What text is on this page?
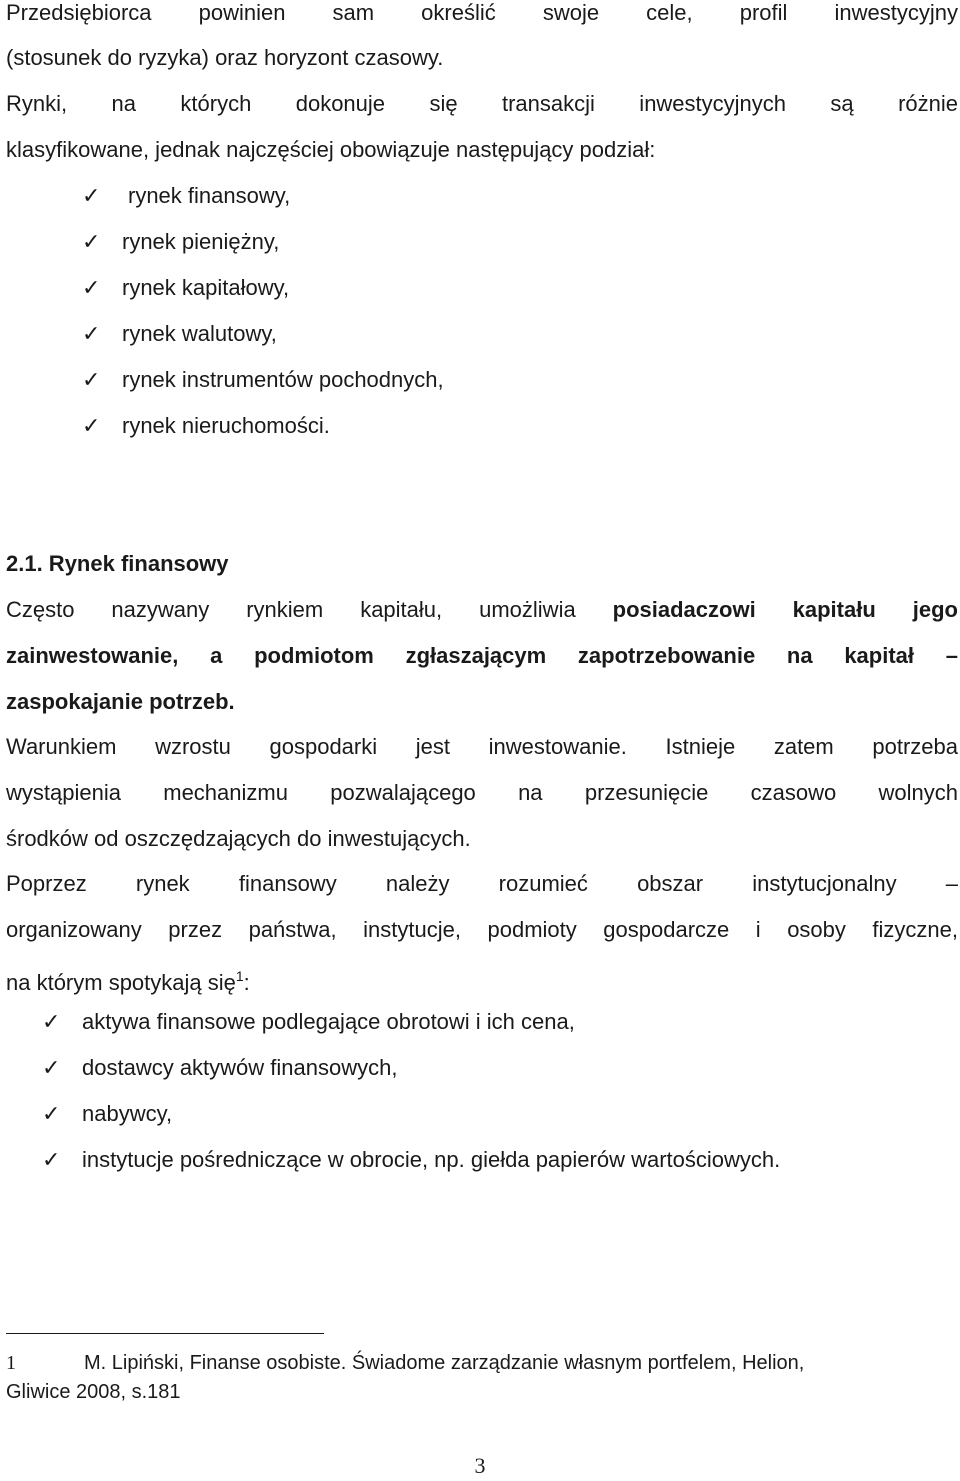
Przedsiębiorca powinien sam określić swoje cele, profil inwestycyjny
(stosunek do ryzyka) oraz horyzont czasowy.
Rynki, na których dokonuje się transakcji inwestycyjnych są różnie
klasyfikowane, jednak najczęściej obowiązuje następujący podział:
✓ rynek finansowy,
✓ rynek pieniężny,
✓ rynek kapitałowy,
✓ rynek walutowy,
✓ rynek instrumentów pochodnych,
✓ rynek nieruchomości.
2.1. Rynek finansowy
Często nazywany rynkiem kapitału, umożliwia posiadaczowi kapitału jego
zainwestowanie, a podmiotom zgłaszającym zapotrzebowanie na kapitał –
zaspokajanie potrzeb.
Warunkiem wzrostu gospodarki jest inwestowanie. Istnieje zatem potrzeba
wystąpienia mechanizmu pozwalającego na przesunięcie czasowo wolnych
środków od oszczędzających do inwestujących.
Poprzez rynek finansowy należy rozumieć obszar instytucjonalny –
organizowany przez państwa, instytucje, podmioty gospodarcze i osoby fizyczne,
na którym spotykają się$^1$:
✓ aktywa finansowe podlegające obrotowi i ich cena,
✓ dostawcy aktywów finansowych,
✓ nabywcy,
✓ instytucje pośredniczące w obrocie, np. giełda papierów wartościowych.
1	M. Lipiński, Finanse osobiste. Świadome zarządzanie własnym portfelem, Helion,
Gliwice 2008, s.181
3
